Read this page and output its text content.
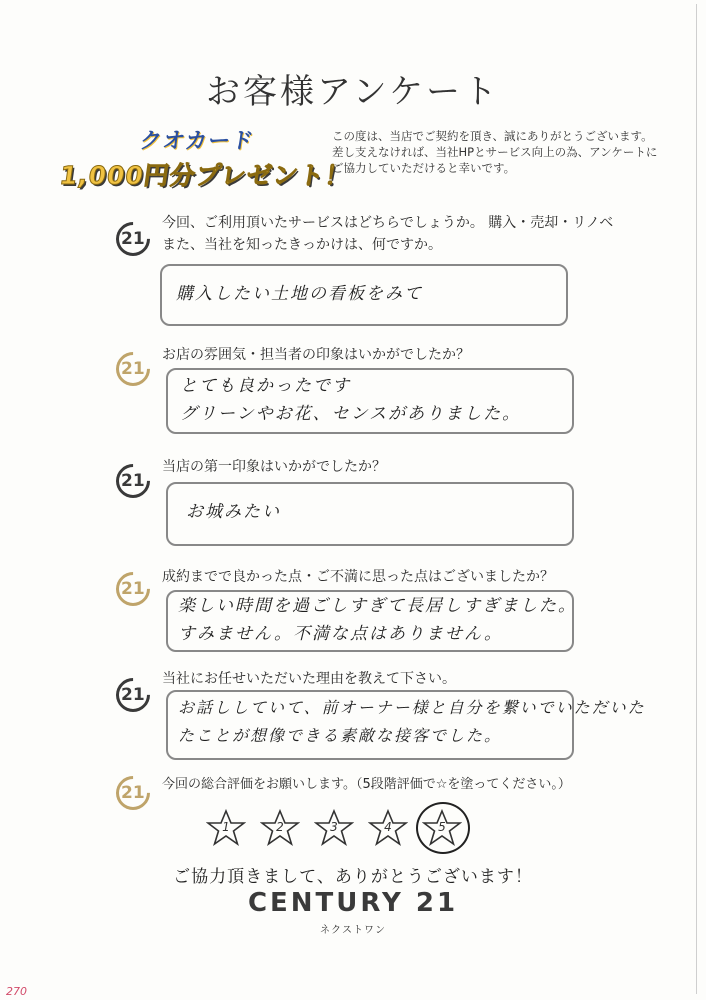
お客様アンケート
クオカード
1,000円分プレゼント！
この度は、当店でご契約を頂き、誠にありがとうございます。差し支えなければ、当社HPとサービス向上の為、アンケートにご協力していただけると幸いです。
21
今回、ご利用頂いたサービスはどちらでしょうか。 購入・売却・リノベ
また、当社を知ったきっかけは、何ですか。
購入したい土地の看板をみて
21
お店の雰囲気・担当者の印象はいかがでしたか？
とても良かったです
グリーンやお花、センスがありました。
21
当店の第一印象はいかがでしたか？
お城みたい
21
成約までで良かった点・ご不満に思った点はございましたか？
楽しい時間を過ごしすぎて長居しすぎました。
すみません。不満な点はありません。
21
当社にお任せいただいた理由を教えて下さい。
お話ししていて、前オーナー様と自分を繋いでいただいた
たことが想像できる素敵な接客でした。
21 今回の総合評価をお願いします。（5段階評価で☆を塗ってください。）
1	2	3	4	5
ご協力頂きまして、ありがとうございます！
CENTURY 21
ネクストワン
270
